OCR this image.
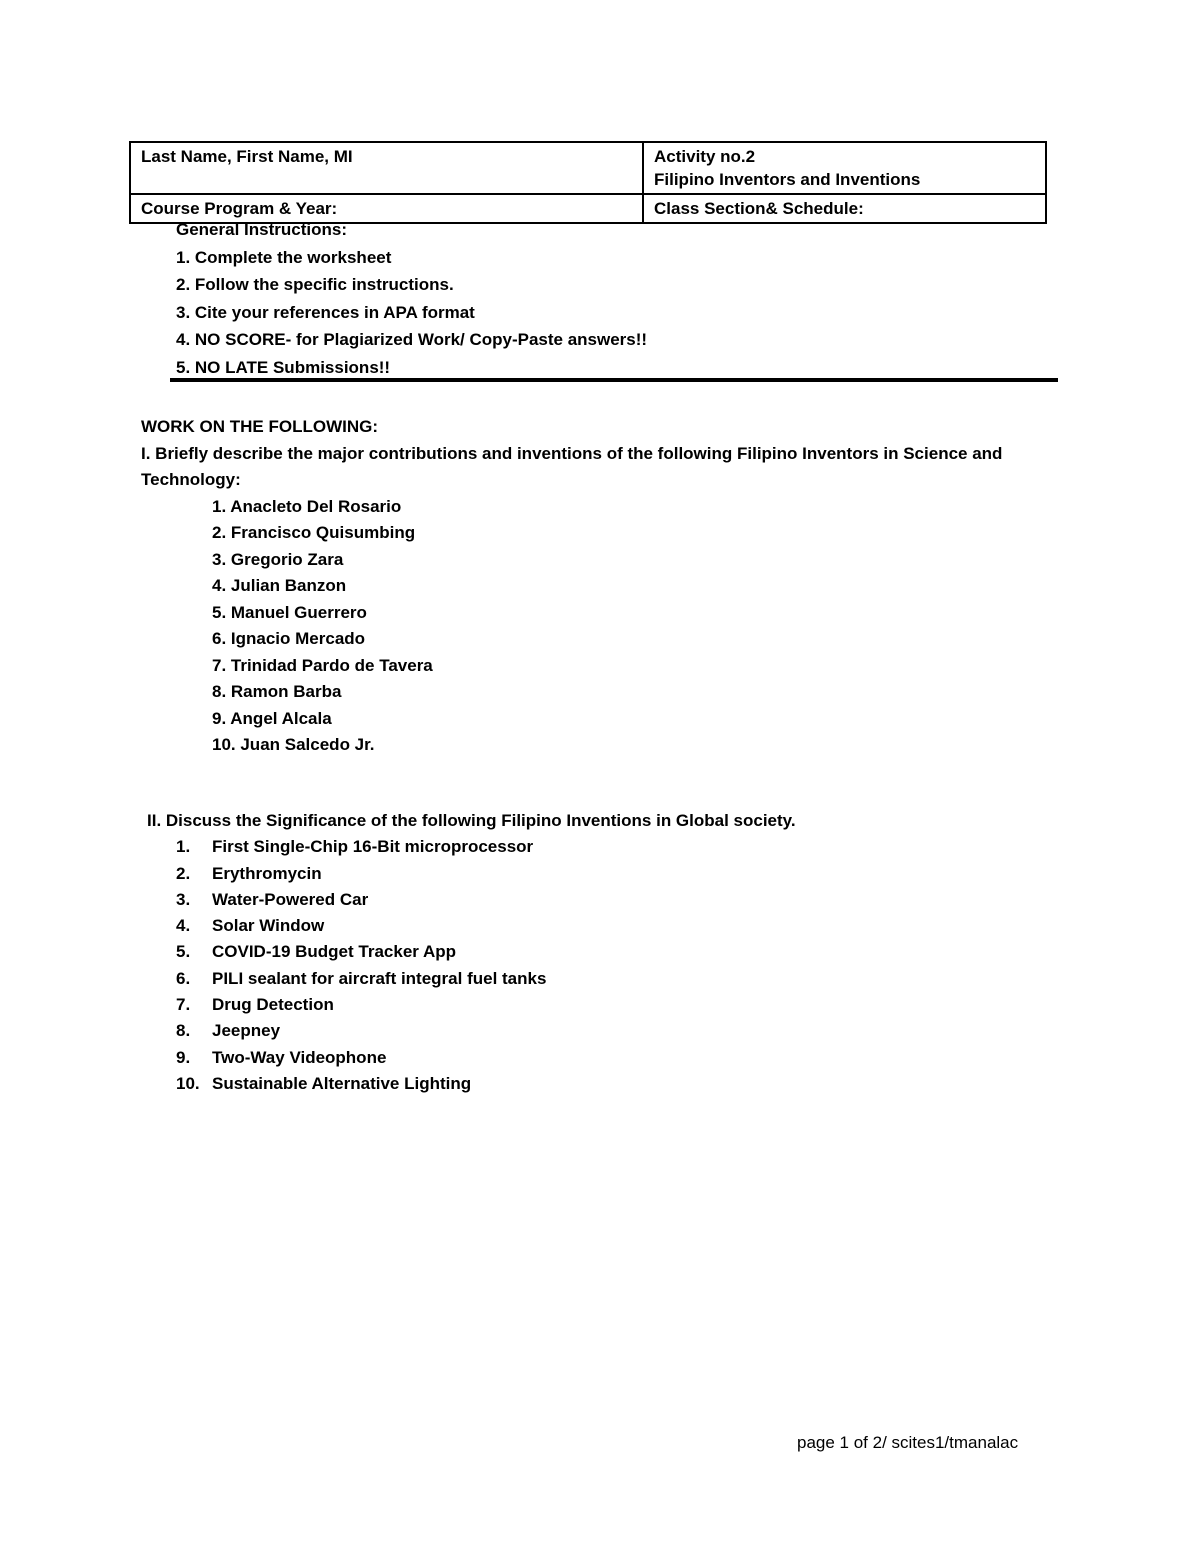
Last Name, First Name, MI	Activity no.2
Filipino Inventors and Inventions

Course Program & Year:	Class Section& Schedule:
General Instructions:
1. Complete the worksheet
2. Follow the specific instructions.
3. Cite your references in APA format
4. NO SCORE- for Plagiarized Work/ Copy-Paste answers!!
5. NO LATE Submissions!!

WORK ON THE FOLLOWING:

I. Briefly describe the major contributions and inventions of the following Filipino Inventors in Science and Technology:

1. Anacleto Del Rosario
2. Francisco Quisumbing
3. Gregorio Zara
4. Julian Banzon
5. Manuel Guerrero
6. Ignacio Mercado
7. Trinidad Pardo de Tavera
8. Ramon Barba
9. Angel Alcala
10. Juan Salcedo Jr.

II. Discuss the Significance of the following Filipino Inventions in Global society.

1.	First Single-Chip 16-Bit microprocessor
2.	Erythromycin
3.	Water-Powered Car
4.	Solar Window
5.	COVID-19 Budget Tracker App
6.	PILI sealant for aircraft integral fuel tanks
7.	Drug Detection
8.	Jeepney
9.	Two-Way Videophone
10. Sustainable Alternative Lighting
page 1 of 2/ scites1/tmanalac
